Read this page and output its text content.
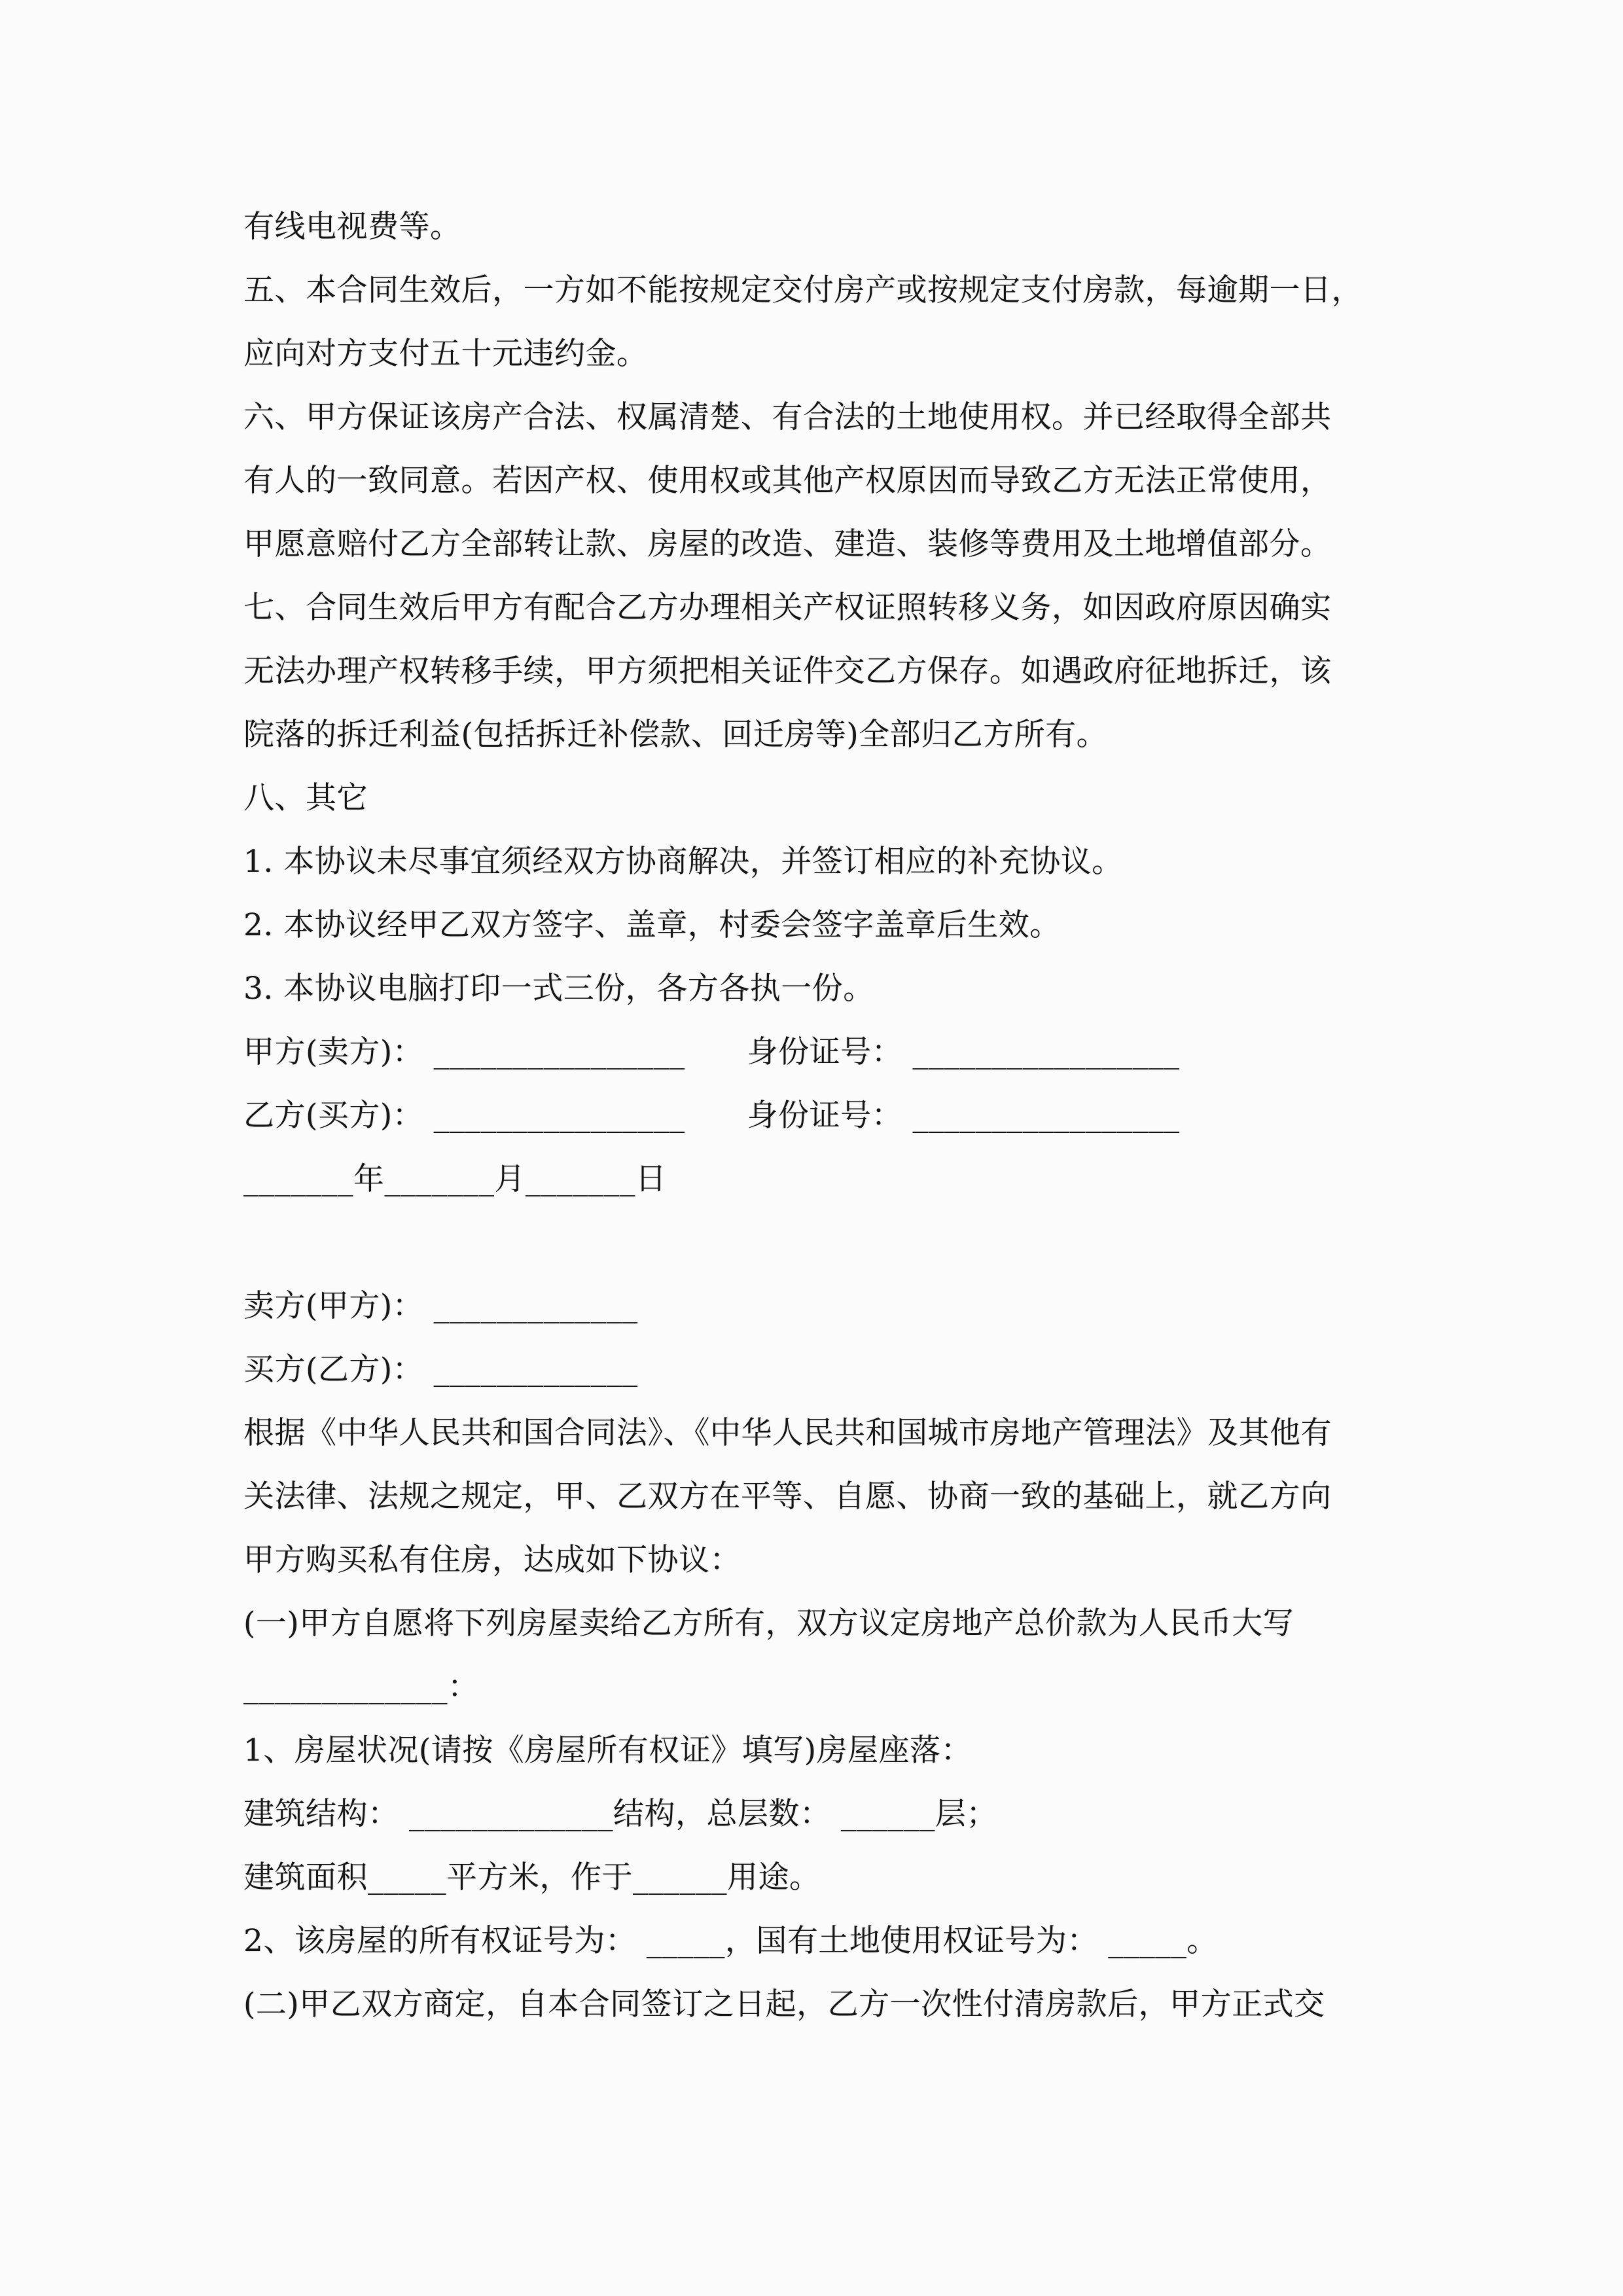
有线电视费等。
五、本合同生效后，一方如不能按规定交付房产或按规定支付房款，每逾期一日，
应向对方支付五十元违约金。
六、甲方保证该房产合法、权属清楚、有合法的土地使用权。并已经取得全部共
有人的一致同意。若因产权、使用权或其他产权原因而导致乙方无法正常使用，
甲愿意赔付乙方全部转让款、房屋的改造、建造、装修等费用及土地增值部分。
七、合同生效后甲方有配合乙方办理相关产权证照转移义务，如因政府原因确实
无法办理产权转移手续，甲方须把相关证件交乙方保存。如遇政府征地拆迁，该
院落的拆迁利益(包括拆迁补偿款、回迁房等)全部归乙方所有。
八、其它
1. 本协议未尽事宜须经双方协商解决，并签订相应的补充协议。
2. 本协议经甲乙双方签字、盖章，村委会签字盖章后生效。
3. 本协议电脑打印一式三份，各方各执一份。
甲方(卖方)： ________________　　身份证号： _________________
乙方(买方)： ________________　　身份证号： _________________
_______年_______月_______日
卖方(甲方)： _____________
买方(乙方)： _____________
根据《中华人民共和国合同法》、《中华人民共和国城市房地产管理法》及其他有
关法律、法规之规定，甲、乙双方在平等、自愿、协商一致的基础上，就乙方向
甲方购买私有住房，达成如下协议：
(一)甲方自愿将下列房屋卖给乙方所有，双方议定房地产总价款为人民币大写
_____________：
1、房屋状况(请按《房屋所有权证》填写)房屋座落：
建筑结构： _____________结构，总层数： ______层；
建筑面积_____平方米，作于______用途。
2、该房屋的所有权证号为： _____，国有土地使用权证号为： _____。
(二)甲乙双方商定，自本合同签订之日起，乙方一次性付清房款后，甲方正式交
